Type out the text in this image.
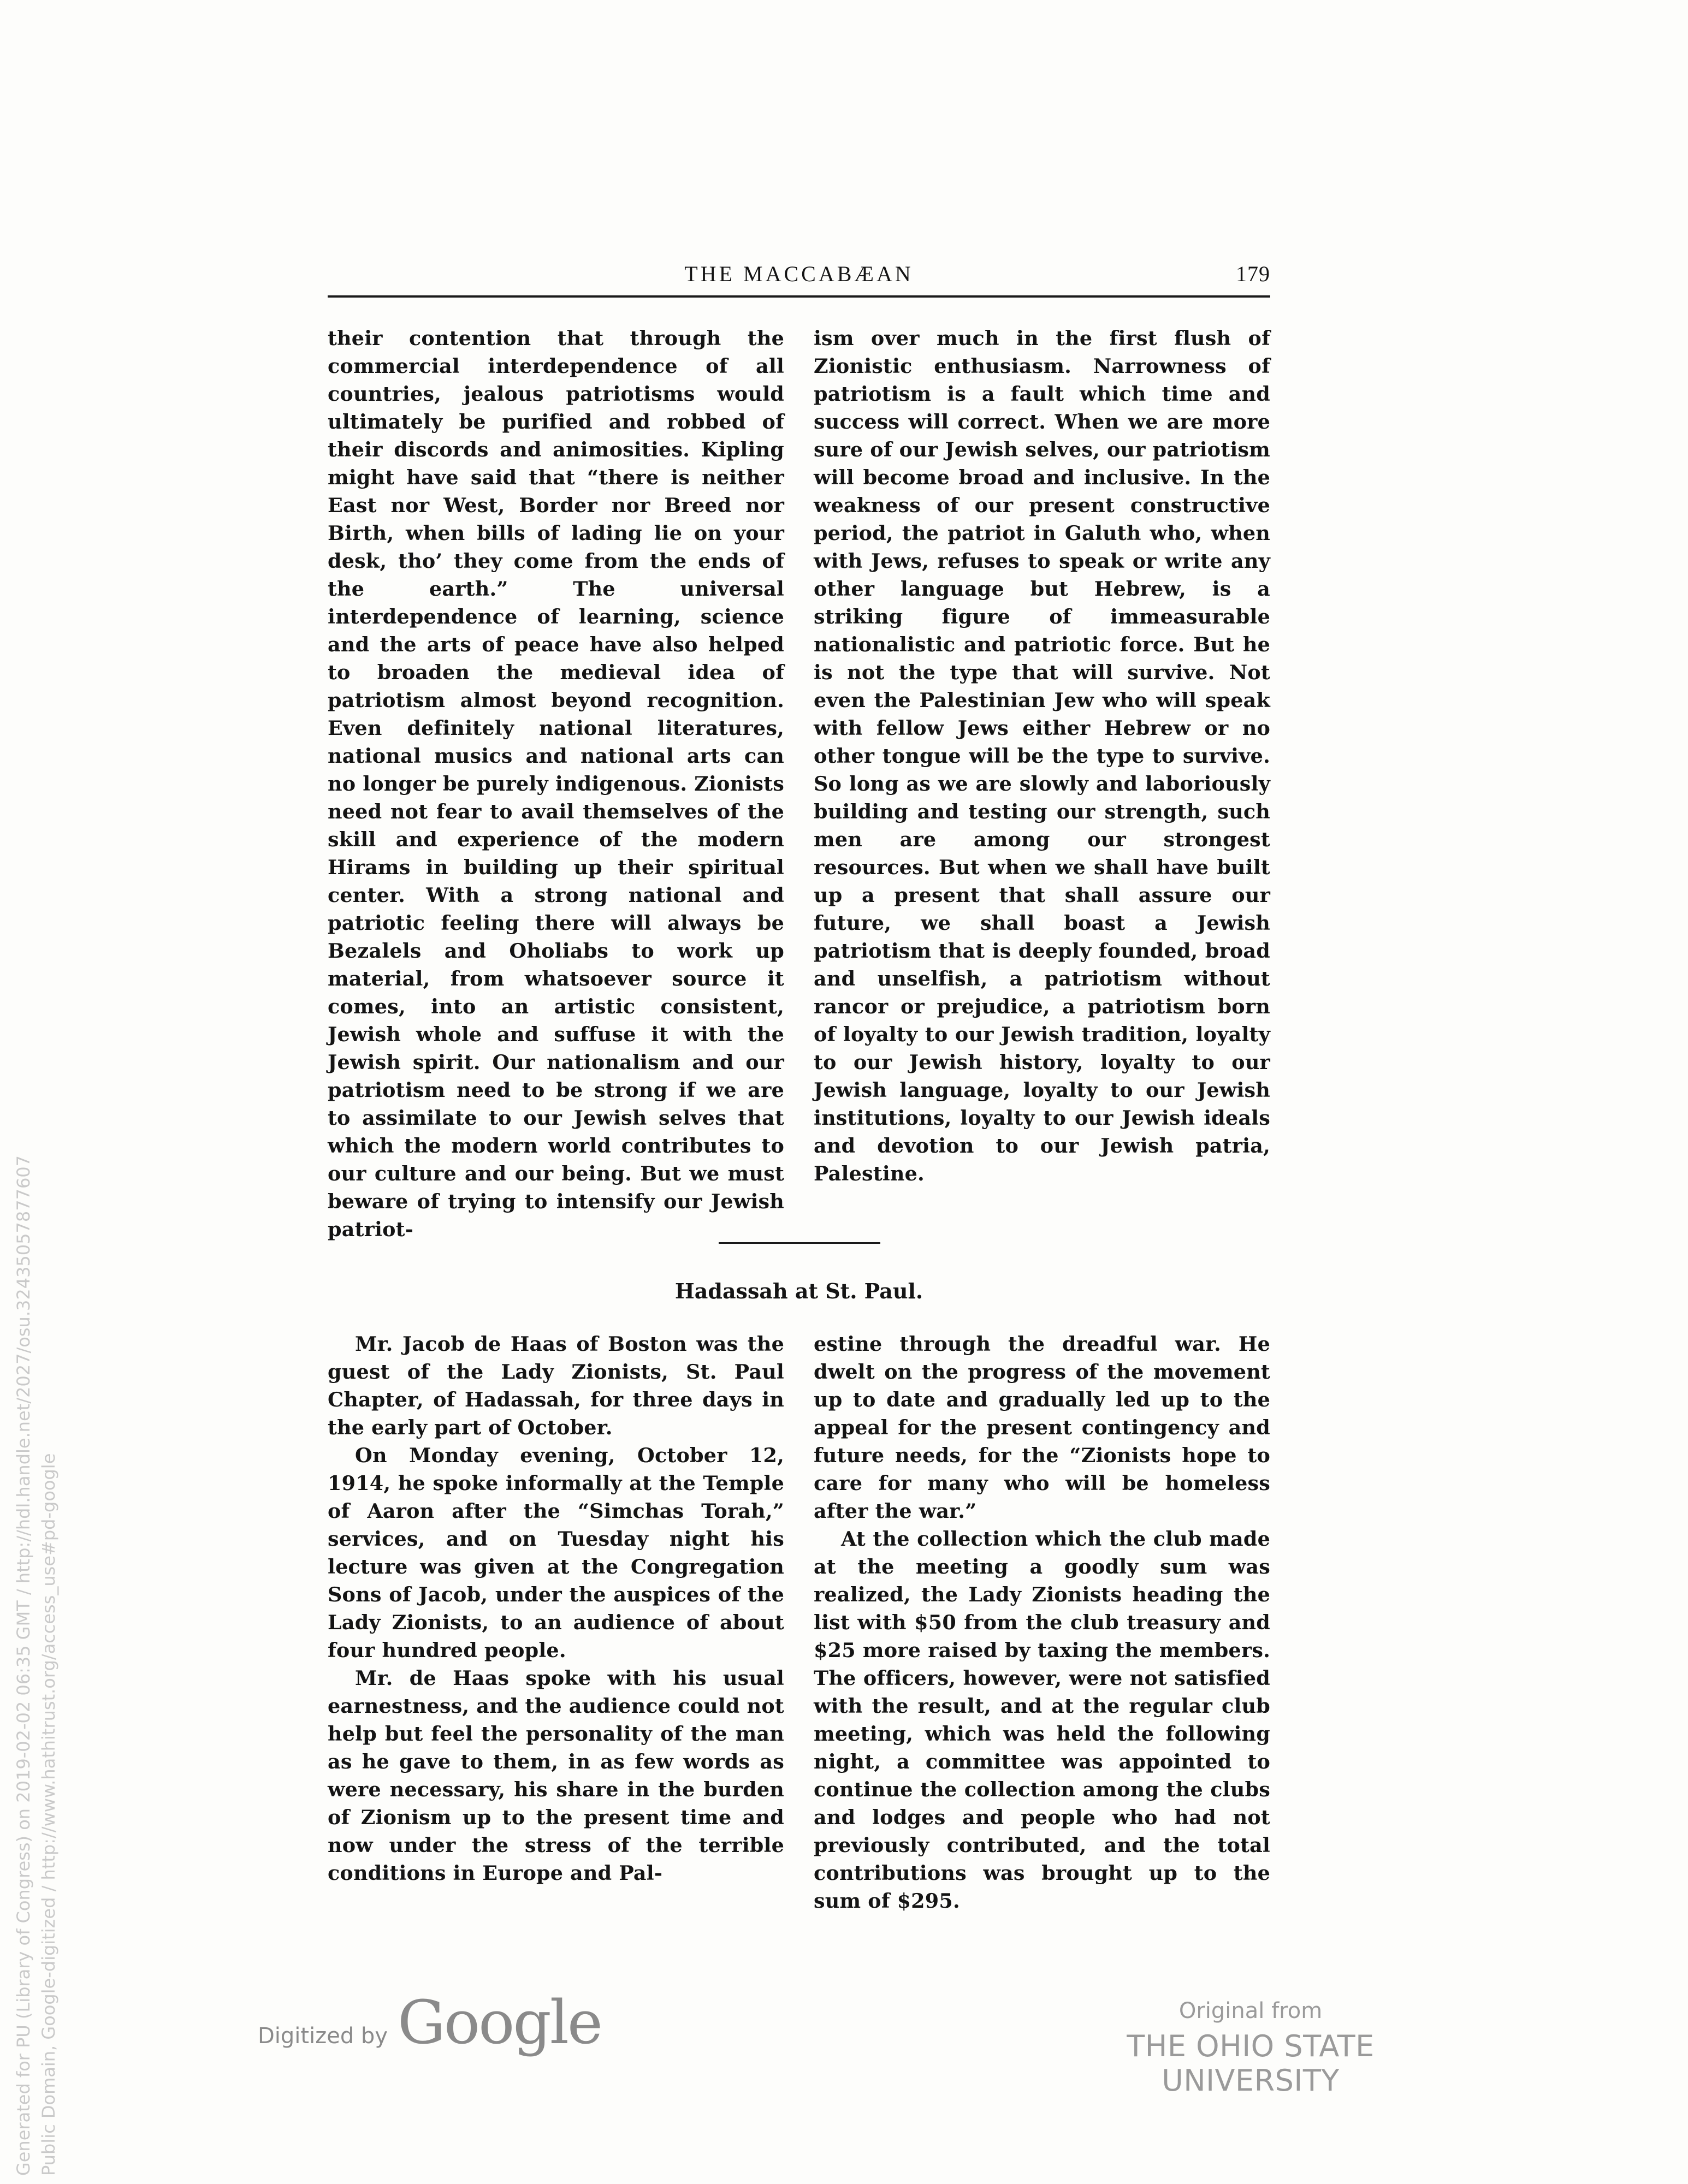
THE MACCABÆAN	179

their contention that through the commercial interdependence of all countries, jealous patriotisms would ultimately be purified and robbed of their discords and animosities. Kipling might have said that “there is neither East nor West, Border nor Breed nor Birth, when bills of lading lie on your desk, tho’ they come from the ends of the earth.” The universal interdependence of learning, science and the arts of peace have also helped to broaden the medieval idea of patriotism almost beyond recognition. Even definitely national literatures, national musics and national arts can no longer be purely indigenous. Zionists need not fear to avail themselves of the skill and experience of the modern Hirams in building up their spiritual center. With a strong national and patriotic feeling there will always be Bezalels and Oholiabs to work up material, from whatsoever source it comes, into an artistic consistent, Jewish whole and suffuse it with the Jewish spirit. Our nationalism and our patriotism need to be strong if we are to assimilate to our Jewish selves that which the modern world contributes to our culture and our being. But we must beware of trying to intensify our Jewish patriot-

ism over much in the first flush of Zionistic enthusiasm. Narrowness of patriotism is a fault which time and success will correct. When we are more sure of our Jewish selves, our patriotism will become broad and inclusive. In the weakness of our present constructive period, the patriot in Galuth who, when with Jews, refuses to speak or write any other language but Hebrew, is a striking figure of immeasurable nationalistic and patriotic force. But he is not the type that will survive. Not even the Palestinian Jew who will speak with fellow Jews either Hebrew or no other tongue will be the type to survive. So long as we are slowly and laboriously building and testing our strength, such men are among our strongest resources. But when we shall have built up a present that shall assure our future, we shall boast a Jewish patriotism that is deeply founded, broad and unselfish, a patriotism without rancor or prejudice, a patriotism born of loyalty to our Jewish tradition, loyalty to our Jewish history, loyalty to our Jewish language, loyalty to our Jewish institutions, loyalty to our Jewish ideals and devotion to our Jewish patria, Palestine.

Hadassah at St. Paul.

Mr. Jacob de Haas of Boston was the guest of the Lady Zionists, St. Paul Chapter, of Hadassah, for three days in the early part of October.

On Monday evening, October 12, 1914, he spoke informally at the Temple of Aaron after the “Simchas Torah,” services, and on Tuesday night his lecture was given at the Congregation Sons of Jacob, under the auspices of the Lady Zionists, to an audience of about four hundred people.

Mr. de Haas spoke with his usual earnestness, and the audience could not help but feel the personality of the man as he gave to them, in as few words as were necessary, his share in the burden of Zionism up to the present time and now under the stress of the terrible conditions in Europe and Pal-

estine through the dreadful war. He dwelt on the progress of the movement up to date and gradually led up to the appeal for the present contingency and future needs, for the “Zionists hope to care for many who will be homeless after the war.”

At the collection which the club made at the meeting a goodly sum was realized, the Lady Zionists heading the list with $50 from the club treasury and $25 more raised by taxing the members. The officers, however, were not satisfied with the result, and at the regular club meeting, which was held the following night, a committee was appointed to continue the collection among the clubs and lodges and people who had not previously contributed, and the total contributions was brought up to the sum of $295.

Generated for PU (Library of Congress) on 2019-02-02 06:35 GMT / http://hdl.handle.net/2027/osu.32435057877607 Public Domain, Google-digitized / http://www.hathitrust.org/access_use#pd-google	Digitized by Google	Original from
THE OHIO STATE UNIVERSITY
